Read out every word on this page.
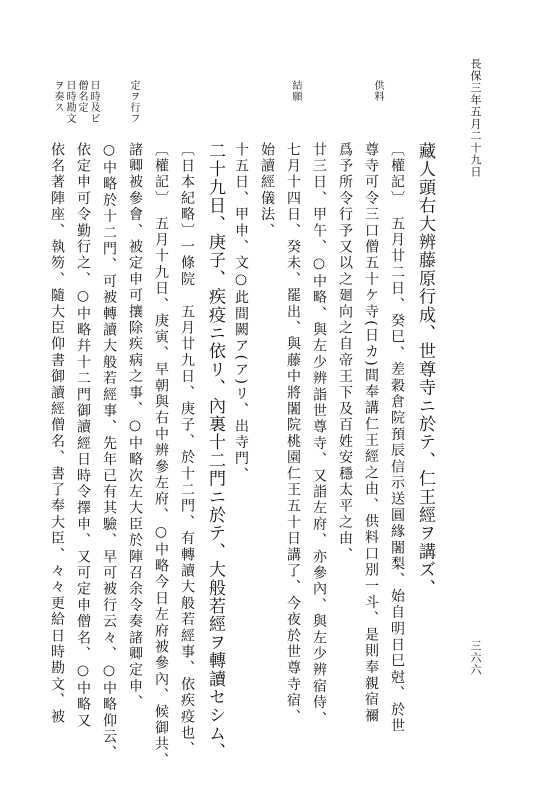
長保三年五月二十九日
三六六
供料
結願
定ヲ行フ
日時及ビ
僧名定
日時勘文
ヲ奏ス
藏人頭右大辨藤原行成、世尊寺ニ於テ、仁王經ヲ講ズ、
〔權記〕　五月廿二日、癸巳、差穀倉院預辰信示送圓緣闍梨、始自明日巳尅、於世
尊寺可令三口僧五十ケ寺(日カ)間奉講仁王經之由、供料口別一斗、是則奉親宿禰
爲予所令行予又以之廻向之自帝王下及百姓安穩太平之由、
廿三日、甲午、○中略、與左少辨詣世尊寺、又詣左府、亦參內、與左少辨宿侍、
七月十四日、癸未、罷出、與藤中將闍院桃園仁王五十日講了、今夜於世尊寺宿、
始讀經儀法、
十五日、甲申、文○此間闕ア(ア)リ、出寺門、
二十九日、庚子、疾疫ニ依リ、內裏十二門ニ於テ、大般若經ヲ轉讀セシム、
〔日本紀略〕一條院　五月廿九日、庚子、於十二門、有轉讀大般若經事、依疾疫也、
〔權記〕　五月十九日、庚寅、早朝與右中辨參左府、○中略今日左府被參內、候御共、
諸卿被參會、被定申可攘除疾病之事、○中略次左大臣於陣召余令奏諸卿定申、
○中略於十二門、可被轉讀大般若經事、先年已有其驗、早可被行云々、○中略仰云、
依定申可令勤行之、○中略幷十二門御讀經日時令擇申、又可定申僧名、○中略又
依名著陣座、執笏、隨大臣仰書御讀經僧名、書了奉大臣、々々更給日時勘文、被
